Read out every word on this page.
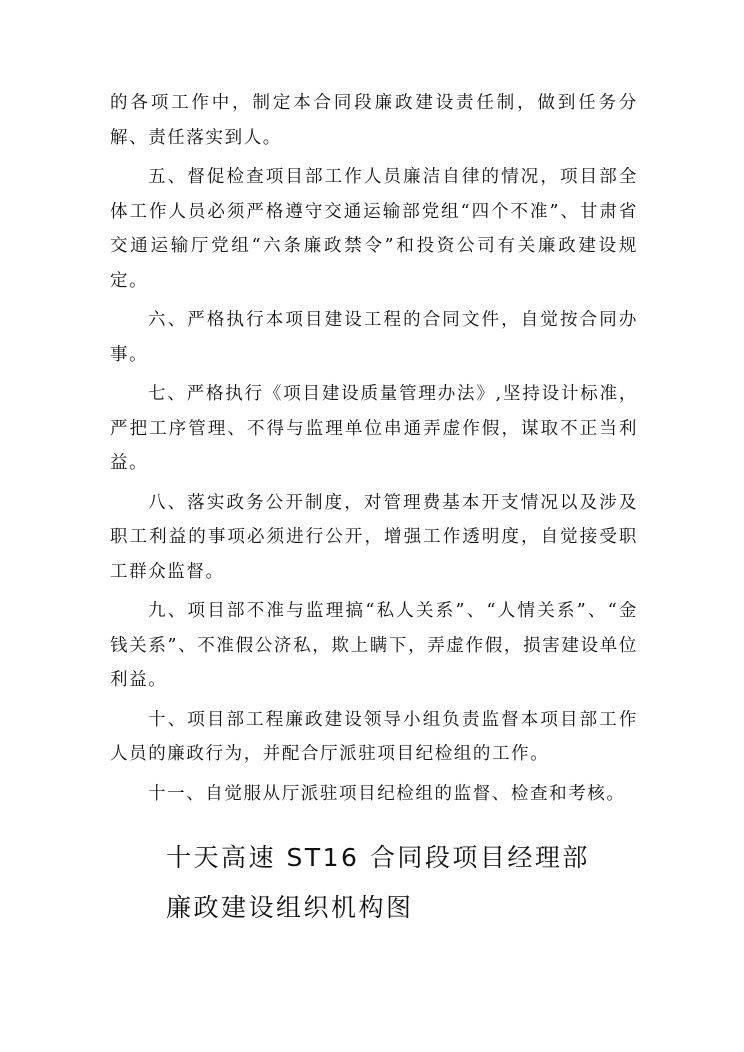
的各项工作中，制定本合同段廉政建设责任制，做到任务分解、责任落实到人。

五、督促检查项目部工作人员廉洁自律的情况，项目部全体工作人员必须严格遵守交通运输部党组“四个不准”、甘肃省交通运输厅党组“六条廉政禁令”和投资公司有关廉政建设规定。

六、严格执行本项目建设工程的合同文件，自觉按合同办事。

七、严格执行《项目建设质量管理办法》,坚持设计标准，严把工序管理、不得与监理单位串通弄虚作假，谋取不正当利益。

八、落实政务公开制度，对管理费基本开支情况以及涉及职工利益的事项必须进行公开，增强工作透明度，自觉接受职工群众监督。

九、项目部不准与监理搞“私人关系”、“人情关系”、“金钱关系”、不准假公济私，欺上瞒下，弄虚作假，损害建设单位利益。

十、项目部工程廉政建设领导小组负责监督本项目部工作人员的廉政行为，并配合厅派驻项目纪检组的工作。

十一、自觉服从厅派驻项目纪检组的监督、检查和考核。

十天高速 ST16 合同段项目经理部
廉政建设组织机构图
